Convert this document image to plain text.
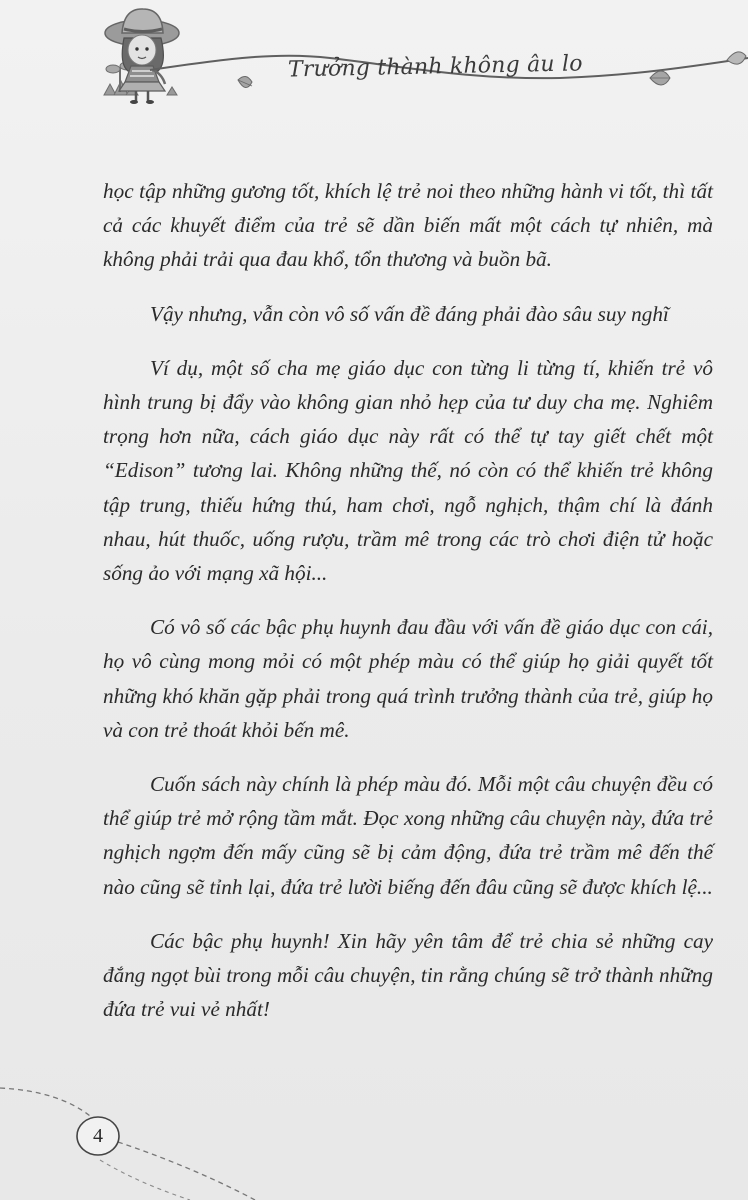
Trưởng thành không âu lo

học tập những gương tốt, khích lệ trẻ noi theo những hành vi tốt, thì tất cả các khuyết điểm của trẻ sẽ dần biến mất một cách tự nhiên, mà không phải trải qua đau khổ, tổn thương và buồn bã.

Vậy nhưng, vẫn còn vô số vấn đề đáng phải đào sâu suy nghĩ

Ví dụ, một số cha mẹ giáo dục con từng li từng tí, khiến trẻ vô hình trung bị đẩy vào không gian nhỏ hẹp của tư duy cha mẹ. Nghiêm trọng hơn nữa, cách giáo dục này rất có thể tự tay giết chết một “Edison” tương lai. Không những thế, nó còn có thể khiến trẻ không tập trung, thiếu hứng thú, ham chơi, ngỗ nghịch, thậm chí là đánh nhau, hút thuốc, uống rượu, trầm mê trong các trò chơi điện tử hoặc sống ảo với mạng xã hội...

Có vô số các bậc phụ huynh đau đầu với vấn đề giáo dục con cái, họ vô cùng mong mỏi có một phép màu có thể giúp họ giải quyết tốt những khó khăn gặp phải trong quá trình trưởng thành của trẻ, giúp họ và con trẻ thoát khỏi bến mê.

Cuốn sách này chính là phép màu đó. Mỗi một câu chuyện đều có thể giúp trẻ mở rộng tầm mắt. Đọc xong những câu chuyện này, đứa trẻ nghịch ngợm đến mấy cũng sẽ bị cảm động, đứa trẻ trầm mê đến thế nào cũng sẽ tỉnh lại, đứa trẻ lười biếng đến đâu cũng sẽ được khích lệ...

Các bậc phụ huynh! Xin hãy yên tâm để trẻ chia sẻ những cay đắng ngọt bùi trong mỗi câu chuyện, tin rằng chúng sẽ trở thành những đứa trẻ vui vẻ nhất!

4
